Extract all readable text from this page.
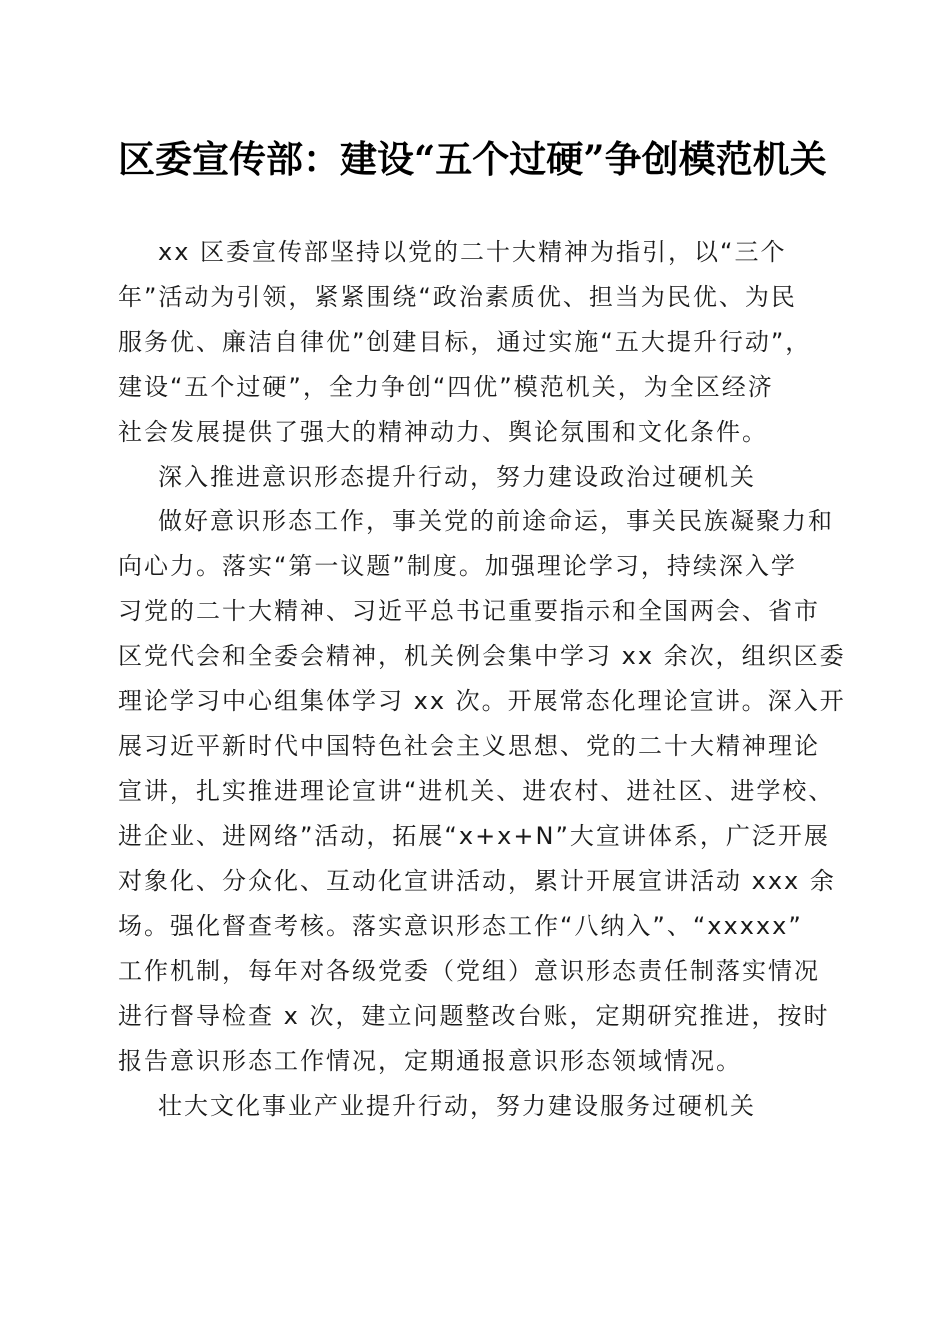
区委宣传部：建设“五个过硬”争创模范机关
xx 区委宣传部坚持以党的二十大精神为指引，以“三个
年”活动为引领，紧紧围绕“政治素质优、担当为民优、为民
服务优、廉洁自律优”创建目标，通过实施“五大提升行动”，
建设“五个过硬”，全力争创“四优”模范机关，为全区经济
社会发展提供了强大的精神动力、舆论氛围和文化条件。
深入推进意识形态提升行动，努力建设政治过硬机关
做好意识形态工作，事关党的前途命运，事关民族凝聚力和
向心力。落实“第一议题”制度。加强理论学习，持续深入学
习党的二十大精神、习近平总书记重要指示和全国两会、省市
区党代会和全委会精神，机关例会集中学习 xx 余次，组织区委
理论学习中心组集体学习 xx 次。开展常态化理论宣讲。深入开
展习近平新时代中国特色社会主义思想、党的二十大精神理论
宣讲，扎实推进理论宣讲“进机关、进农村、进社区、进学校、
进企业、进网络”活动，拓展“x+x+N”大宣讲体系，广泛开展
对象化、分众化、互动化宣讲活动，累计开展宣讲活动 xxx 余
场。强化督查考核。落实意识形态工作“八纳入”、“xxxxx”
工作机制，每年对各级党委（党组）意识形态责任制落实情况
进行督导检查 x 次，建立问题整改台账，定期研究推进，按时
报告意识形态工作情况，定期通报意识形态领域情况。
壮大文化事业产业提升行动，努力建设服务过硬机关
